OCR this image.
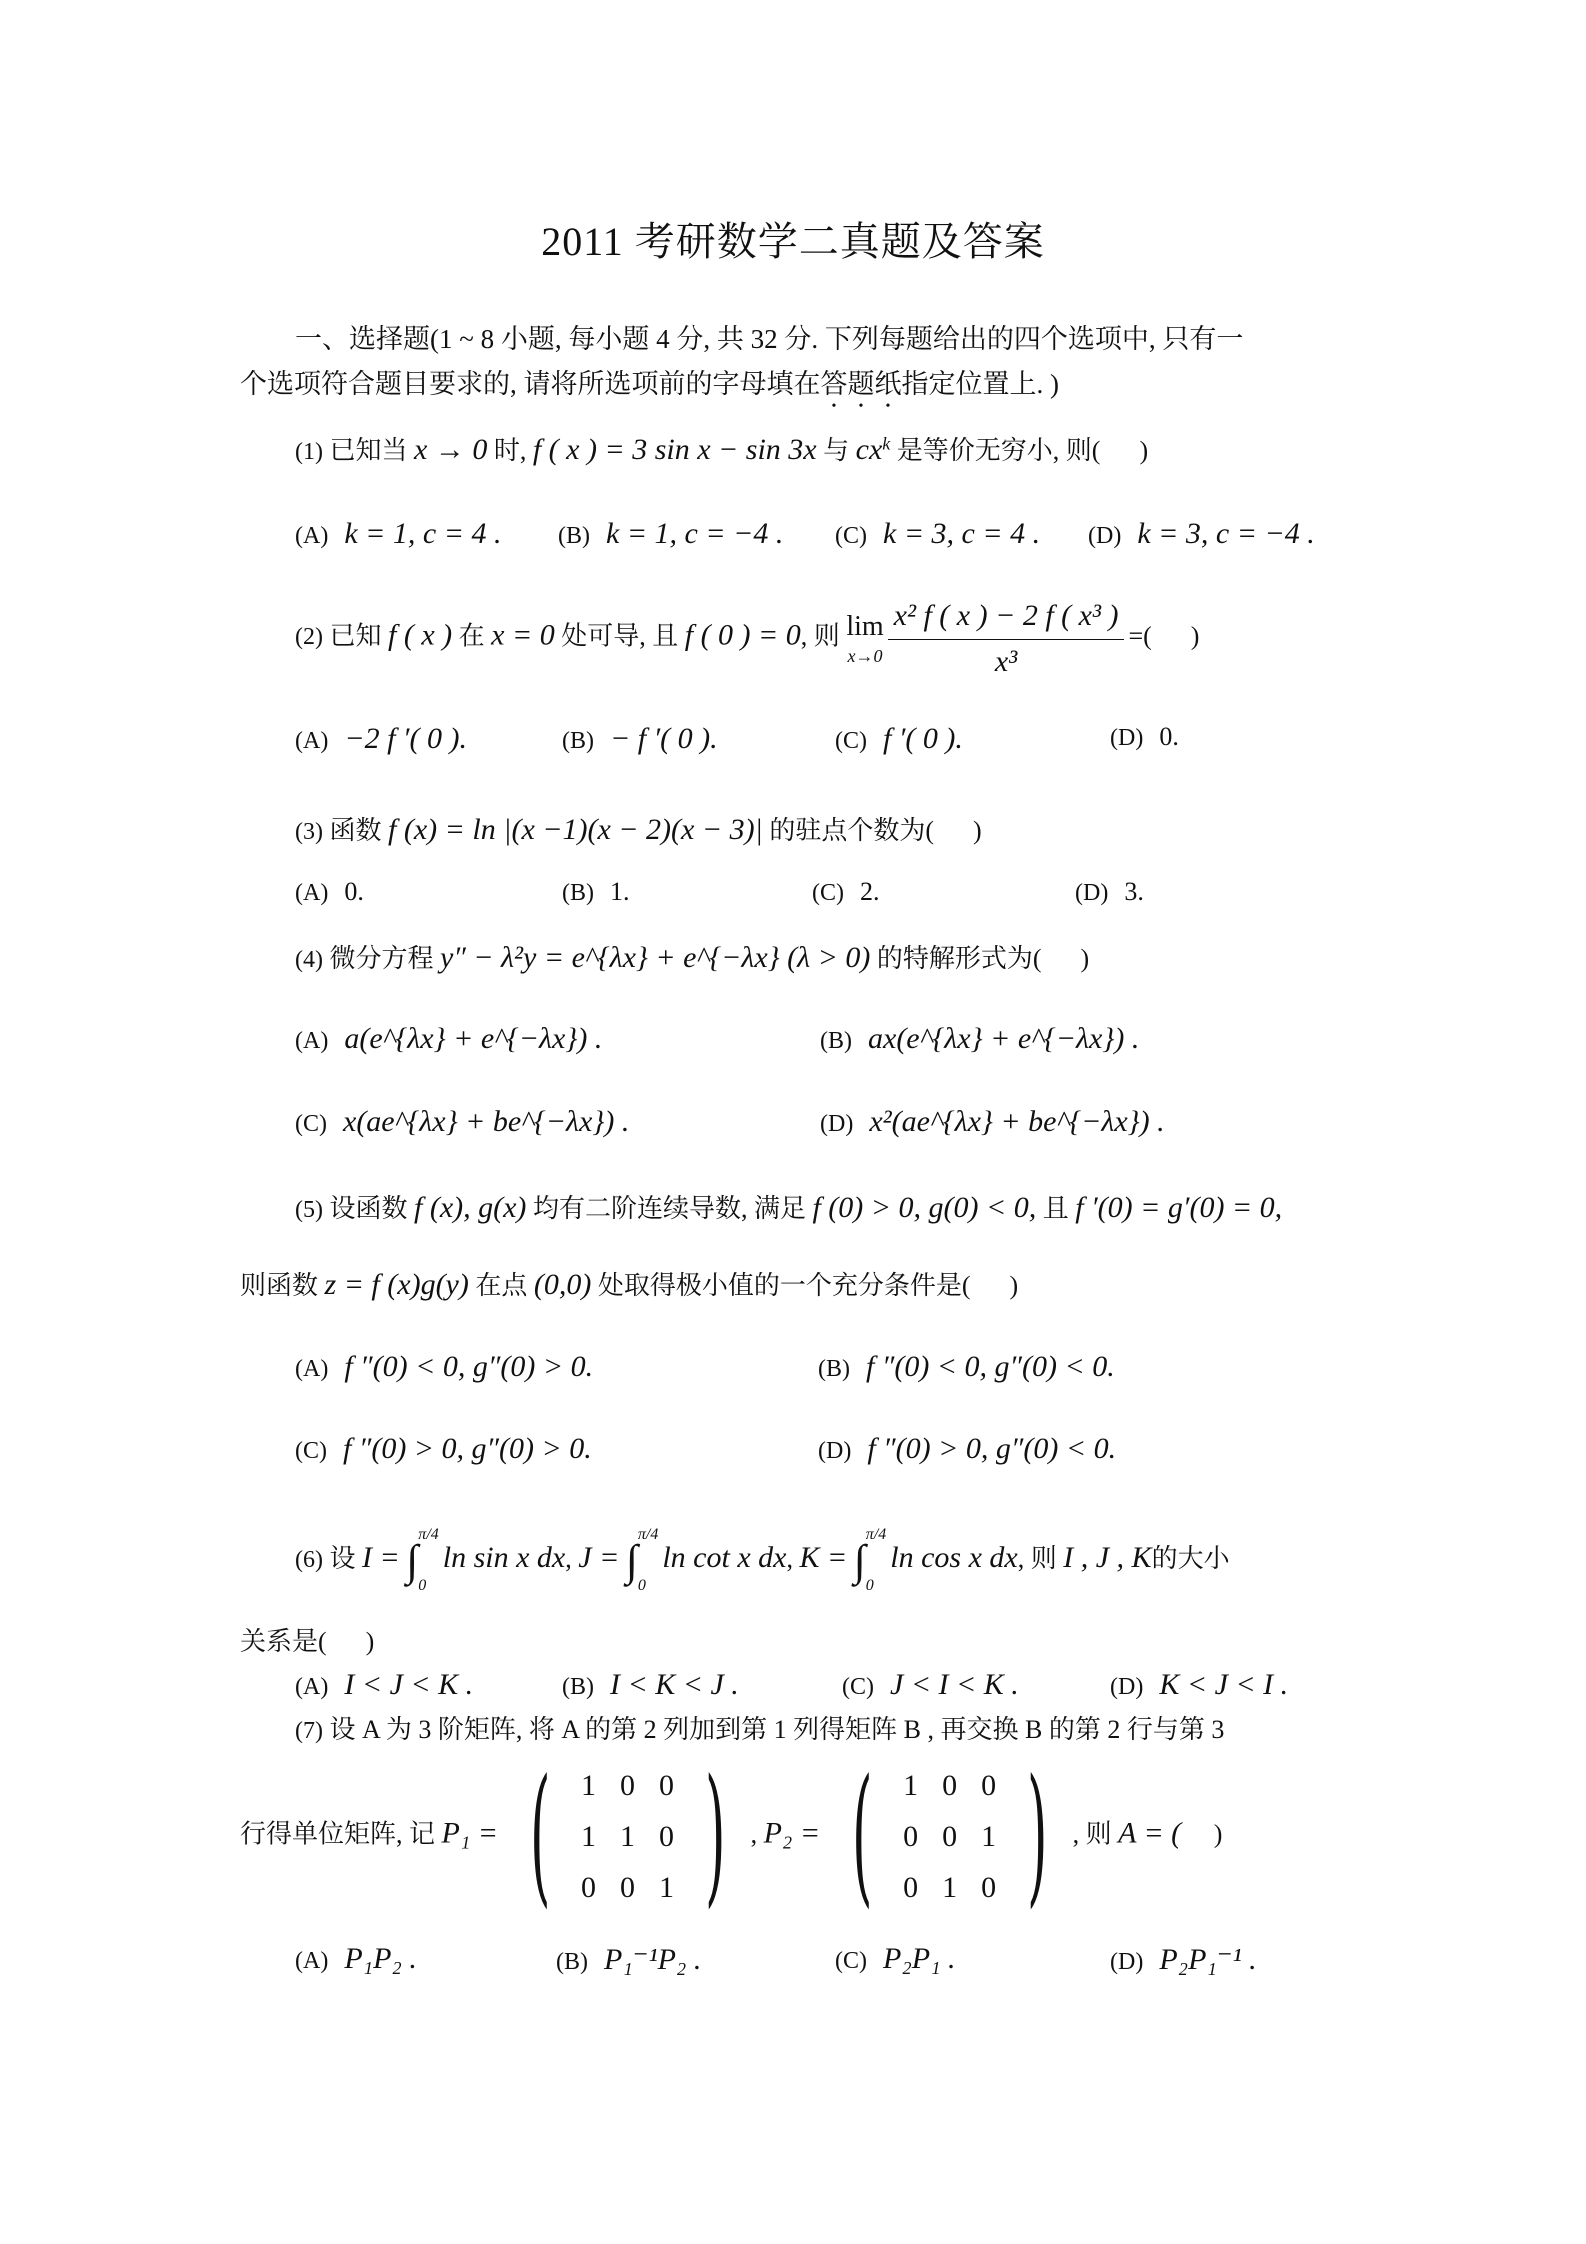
2011 考研数学二真题及答案
一、选择题(1 ~ 8 小题, 每小题 4 分, 共 32 分. 下列每题给出的四个选项中, 只有一
个选项符合题目要求的, 请将所选项前的字母填在答题纸指定位置上. )
(1) 已知当 x → 0 时, f ( x ) = 3 sin x − sin 3x 与 $cx^k$ 是等价无穷小, 则( )
(A) k = 1, c = 4 . (B) k = 1, c = −4 . (C) k = 3, c = 4 . (D) k = 3, c = −4 .
(2) 已知 f ( x ) 在 x = 0 处可导, 且 f ( 0 ) = 0, 则 lim
$x\to 0 \frac{\text{x² f ( x ) − 2 f ( x³ )}}{\text{x³}}$ =( )
(A) −2 f ′( 0 ).	(B) − f ′( 0 ).	(C) f ′( 0 ).	(D) 0.
(3) 函数 f (x) = ln |(x −1)(x − 2)(x − 3)| 的驻点个数为( )
(A) 0.	(B) 1.	(C) 2.	(D) 3.
(4) 微分方程 y″ − λ²y = e^{λx} + e^{−λx} (λ > 0) 的特解形式为( )
(A) a(e^{λx} + e^{−λx}) .	(B) ax(e^{λx} + e^{−λx}) .
(C) x(ae^{λx} + be^{−λx}) .	(D) x²(ae^{λx} + be^{−λx}) .
(5) 设函数 f (x), g(x) 均有二阶连续导数, 满足 f (0) > 0, g(0) < 0, 且 f ′(0) = g′(0) = 0,
则函数 z = f (x)g(y) 在点 (0,0) 处取得极小值的一个充分条件是( )
(A) f ″(0) < 0, g″(0) > 0.	(B) f ″(0) < 0, g″(0) < 0.
(C) f ″(0) > 0, g″(0) > 0.	(D) f ″(0) > 0, g″(0) < 0.
(6) 设 I = ∫
π/4
0
ln sin x dx, J = ∫
π/4
0
ln cot x dx, K = ∫
π/4
0
ln cos x dx, 则 I , J , K的大小
关系是( )
(A) I < J < K .	(B) I < K < J .	(C) J < I < K .	(D) K < J < I .
(7) 设 A 为 3 阶矩阵, 将 A 的第 2 列加到第 1 列得矩阵 B , 再交换 B 的第 2 行与第 3
行得单位矩阵, 记 P₁ = ( 1	0	0
1	1	0
0	0	1 ) , P₂ = ( 1	0	0
0	0	1
0	1	0 ) , 则 A = ( )
(A) P₁P₂ .	(B) P₁⁻¹P₂ .	(C) P₂P₁ .	(D) P₂P₁⁻¹ .
